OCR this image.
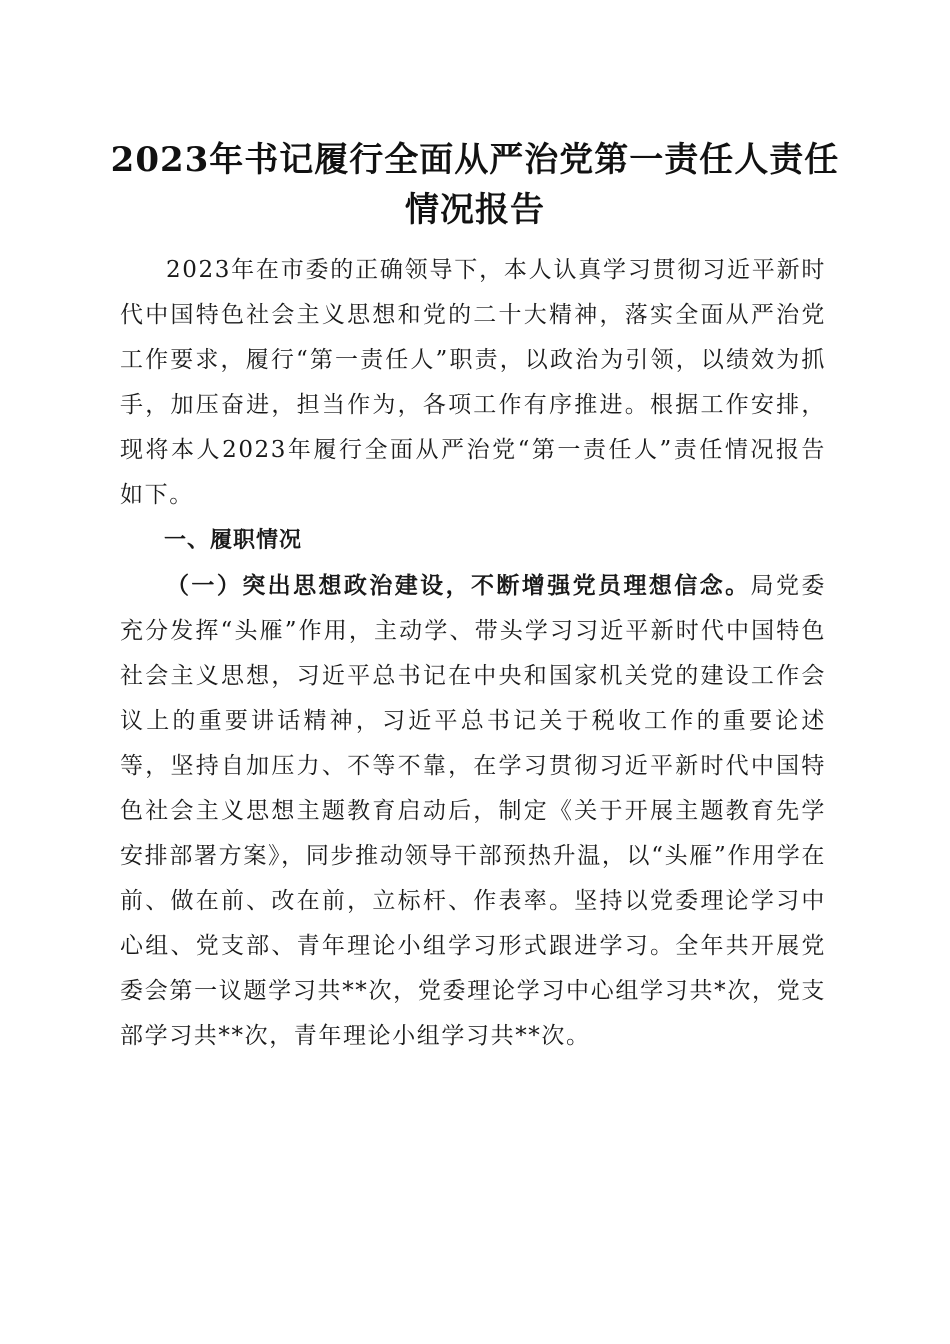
2023年书记履行全面从严治党第一责任人责任情况报告

2023年在市委的正确领导下，本人认真学习贯彻习近平新时代中国特色社会主义思想和党的二十大精神，落实全面从严治党工作要求，履行“第一责任人”职责，以政治为引领，以绩效为抓手，加压奋进，担当作为，各项工作有序推进。根据工作安排，现将本人2023年履行全面从严治党“第一责任人”责任情况报告如下。

一、履职情况

（一）突出思想政治建设，不断增强党员理想信念。局党委充分发挥“头雁”作用，主动学、带头学习习近平新时代中国特色社会主义思想，习近平总书记在中央和国家机关党的建设工作会议上的重要讲话精神，习近平总书记关于税收工作的重要论述等，坚持自加压力、不等不靠，在学习贯彻习近平新时代中国特色社会主义思想主题教育启动后，制定《关于开展主题教育先学安排部署方案》，同步推动领导干部预热升温，以“头雁”作用学在前、做在前、改在前，立标杆、作表率。坚持以党委理论学习中心组、党支部、青年理论小组学习形式跟进学习。全年共开展党委会第一议题学习共**次，党委理论学习中心组学习共*次，党支部学习共**次，青年理论小组学习共**次。
